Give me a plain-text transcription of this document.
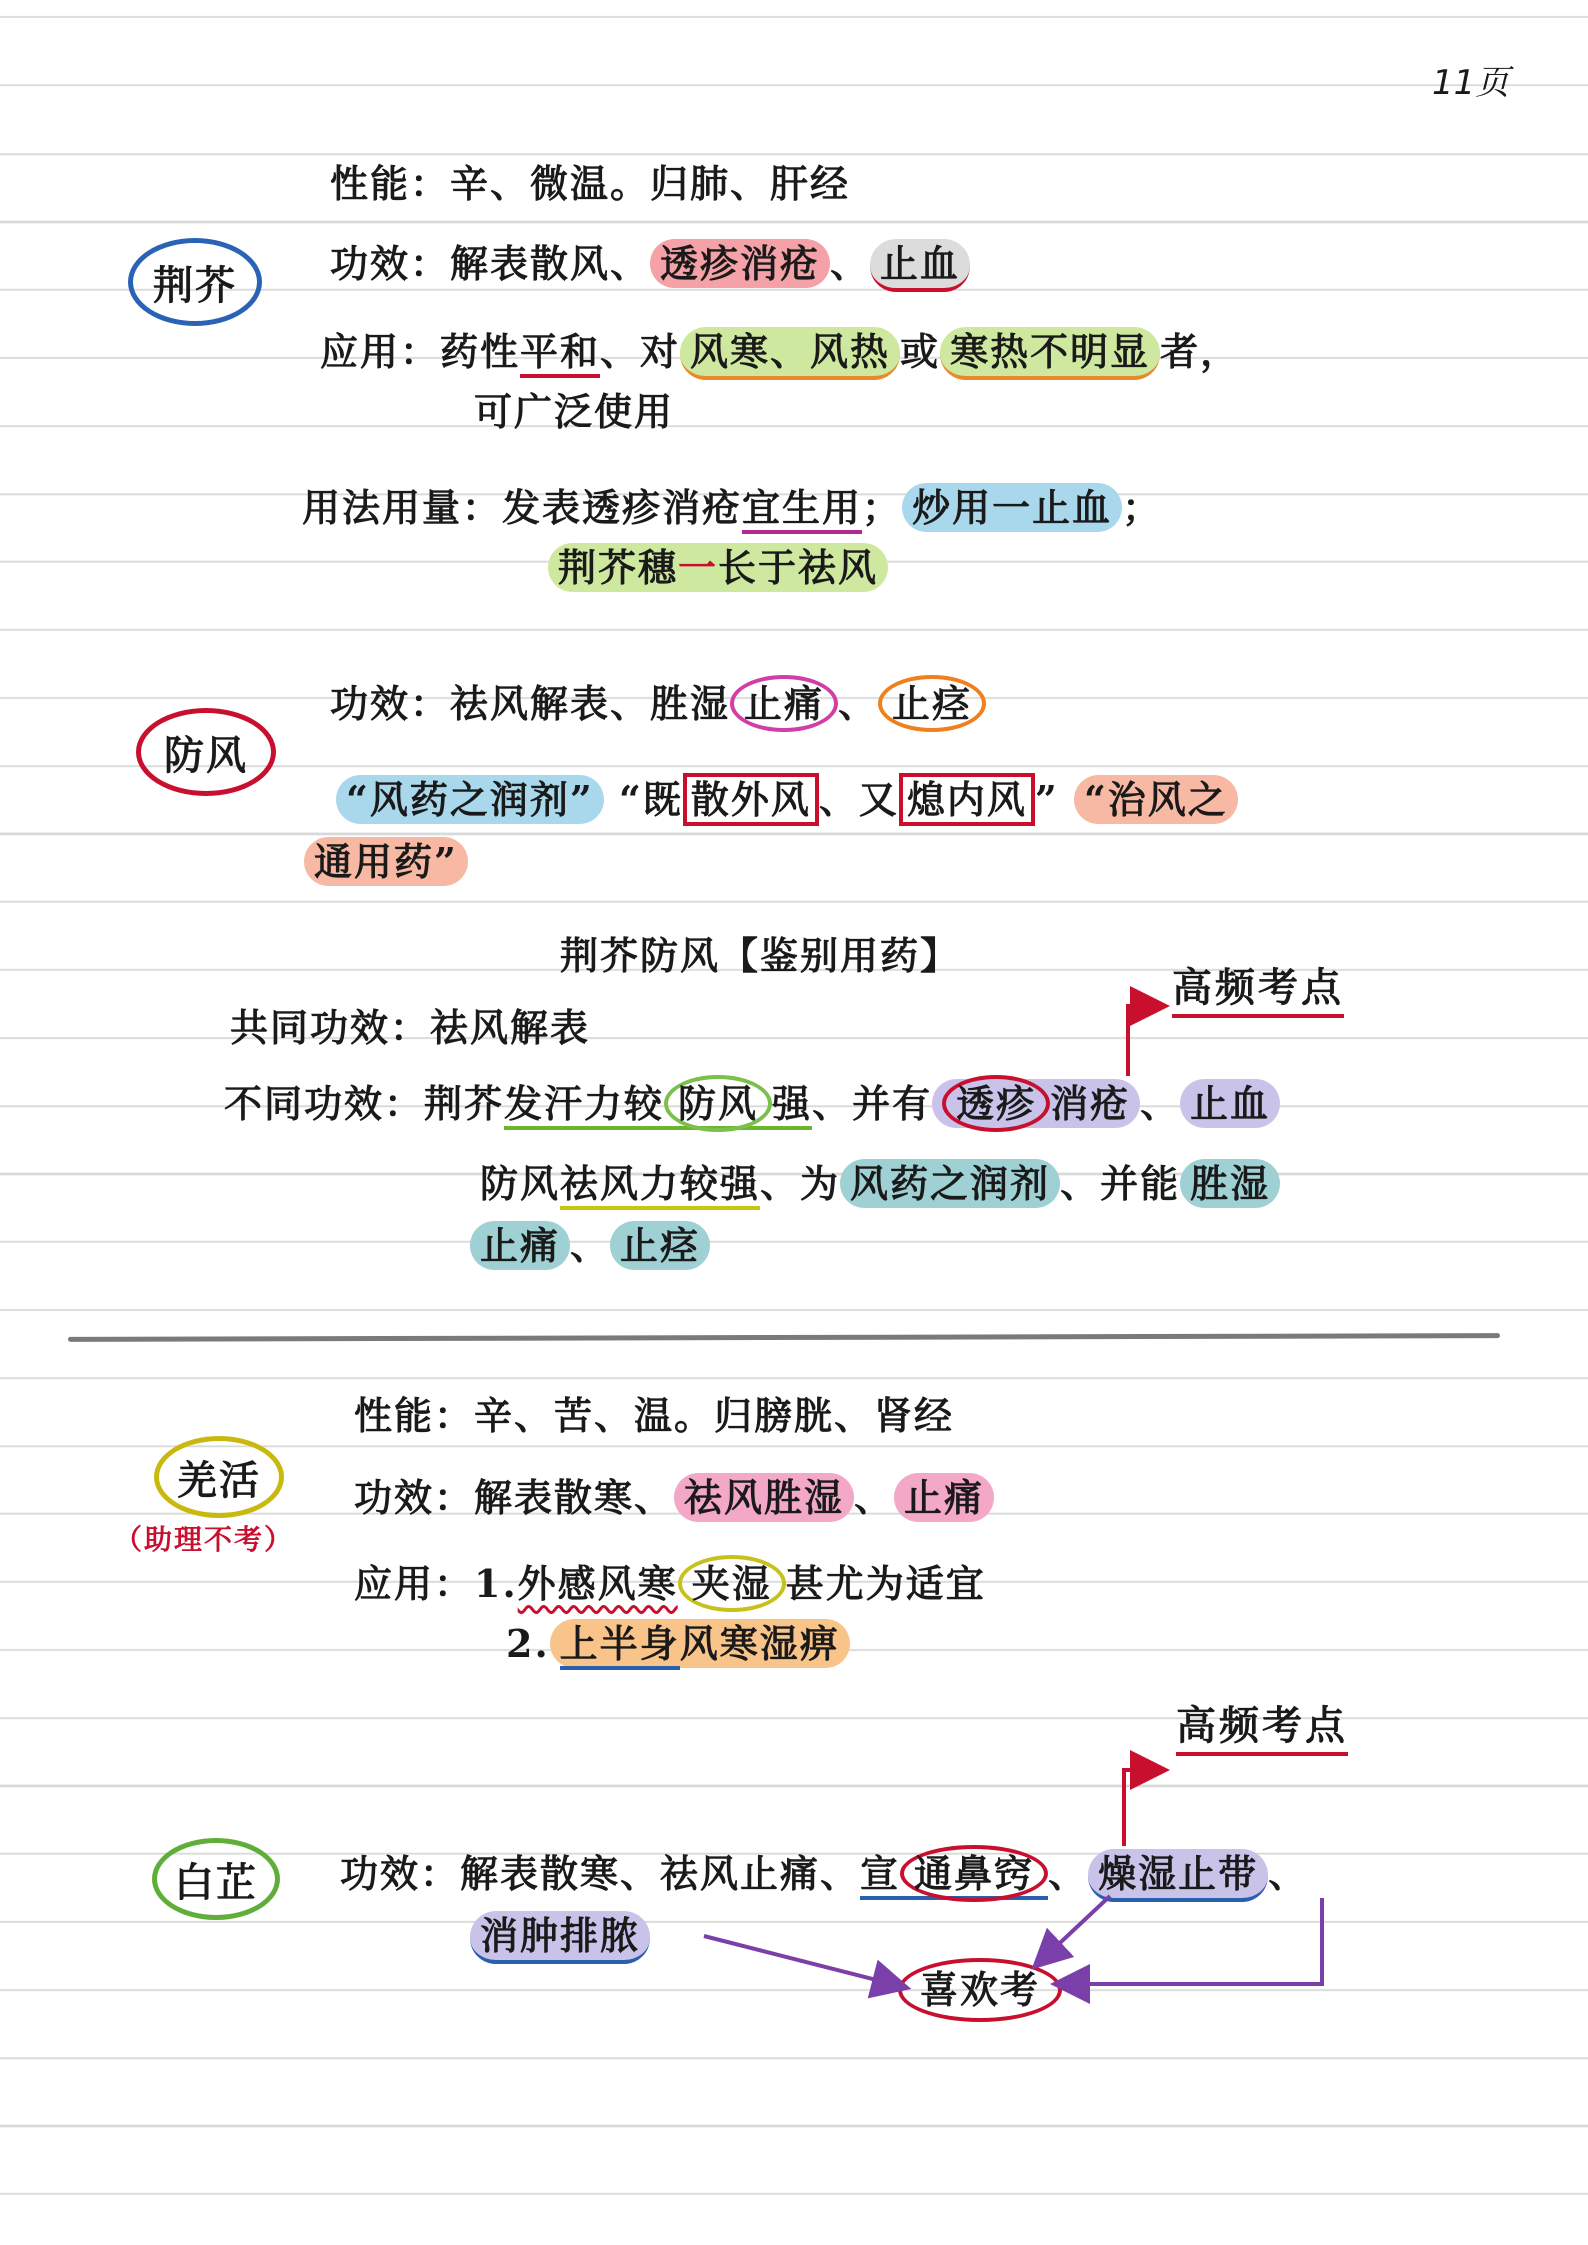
11页
荆芥
性能：辛、微温。归肺、肝经
功效：解表散风、 透疹消疮 、 止血
应用：药性平和、对 风寒、风热 或 寒热不明显 者，
可广泛使用
用法用量：发表透疹消疮宜生用； 炒用一止血 ；
荆芥穗一长于祛风
防风
功效：祛风解表、胜湿 止痛 、 止痉
“风药之润剂” “既 散外风 、又 熄内风 ” “治风之
通用药”
荆芥防风【鉴别用药】
高频考点
共同功效：祛风解表
不同功效：荆芥发汗力较 防风 强、并有 透疹 消疮 、 止血
防风祛风力较强、为 风药之润剂 、并能 胜湿
止痛 、 止痉
羌活
（助理不考）
性能：辛、苦、温。归膀胱、肾经
功效：解表散寒、 祛风胜湿 、 止痛
应用：1.外感风寒 夹湿 甚尤为适宜
2. 上半身风寒湿痹
高频考点
白芷	功效：解表散寒、祛风止痛、宣 通鼻窍 、 燥湿止带 、
消肿排脓
喜欢考
